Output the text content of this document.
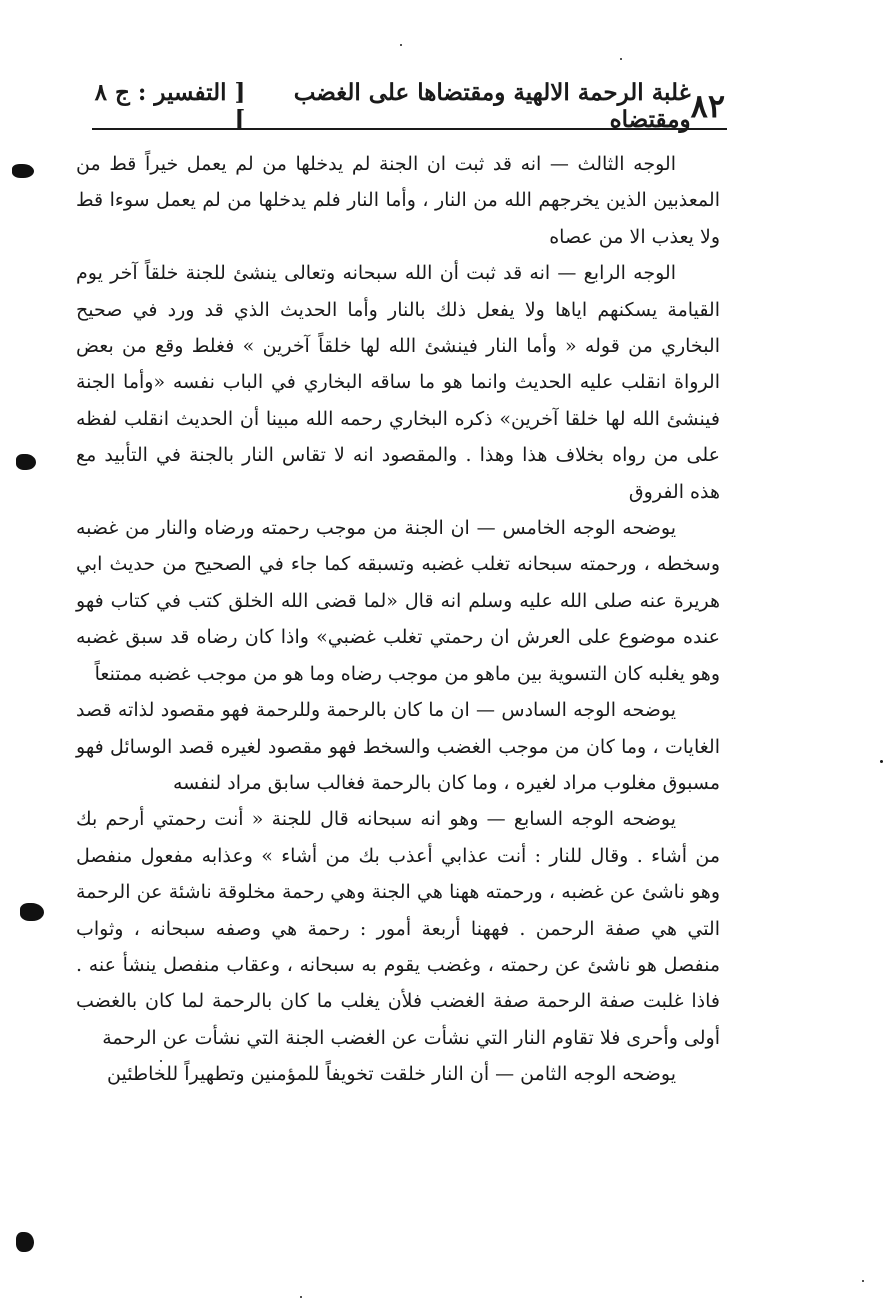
٨٢
غلبة الرحمة الالهية ومقتضاها على الغضب ومقتضاه
[ التفسير : ج ٨ ]

الوجه الثالث — انه قد ثبت ان الجنة لم يدخلها من لم يعمل خيراً قط من المعذبين الذين يخرجهم الله من النار ، وأما النار فلم يدخلها من لم يعمل سوءا قط ولا يعذب الا من عصاه

الوجه الرابع — انه قد ثبت أن الله سبحانه وتعالى ينشئ للجنة خلقاً آخر يوم القيامة يسكنهم اياها ولا يفعل ذلك بالنار وأما الحديث الذي قد ورد في صحيح البخاري من قوله « وأما النار فينشئ الله لها خلقاً آخرين » فغلط وقع من بعض الرواة انقلب عليه الحديث وانما هو ما ساقه البخاري في الباب نفسه «وأما الجنة فينشئ الله لها خلقا آخرين» ذكره البخاري رحمه الله مبينا أن الحديث انقلب لفظه على من رواه بخلاف هذا وهذا . والمقصود انه لا تقاس النار بالجنة في التأبيد مع هذه الفروق

يوضحه الوجه الخامس — ان الجنة من موجب رحمته ورضاه والنار من غضبه وسخطه ، ورحمته سبحانه تغلب غضبه وتسبقه كما جاء في الصحيح من حديث ابي هريرة عنه صلى الله عليه وسلم انه قال «لما قضى الله الخلق كتب في كتاب فهو عنده موضوع على العرش ان رحمتي تغلب غضبي» واذا كان رضاه قد سبق غضبه وهو يغلبه كان التسوية بين ماهو من موجب رضاه وما هو من موجب غضبه ممتنعاً

يوضحه الوجه السادس — ان ما كان بالرحمة وللرحمة فهو مقصود لذاته قصد الغايات ، وما كان من موجب الغضب والسخط فهو مقصود لغيره قصد الوسائل فهو مسبوق مغلوب مراد لغيره ، وما كان بالرحمة فغالب سابق مراد لنفسه

يوضحه الوجه السابع — وهو انه سبحانه قال للجنة « أنت رحمتي أرحم بك من أشاء . وقال للنار : أنت عذابي أعذب بك من أشاء » وعذابه مفعول منفصل وهو ناشئ عن غضبه ، ورحمته ههنا هي الجنة وهي رحمة مخلوقة ناشئة عن الرحمة التي هي صفة الرحمن . فههنا أربعة أمور : رحمة هي وصفه سبحانه ، وثواب منفصل هو ناشئ عن رحمته ، وغضب يقوم به سبحانه ، وعقاب منفصل ينشأ عنه . فاذا غلبت صفة الرحمة صفة الغضب فلأن يغلب ما كان بالرحمة لما كان بالغضب أولى وأحرى فلا تقاوم النار التي نشأت عن الغضب الجنة التي نشأت عن الرحمة

يوضحه الوجه الثامن — أن النار خلقت تخويفاً للمؤمنين وتطهيراً للخاطئين
